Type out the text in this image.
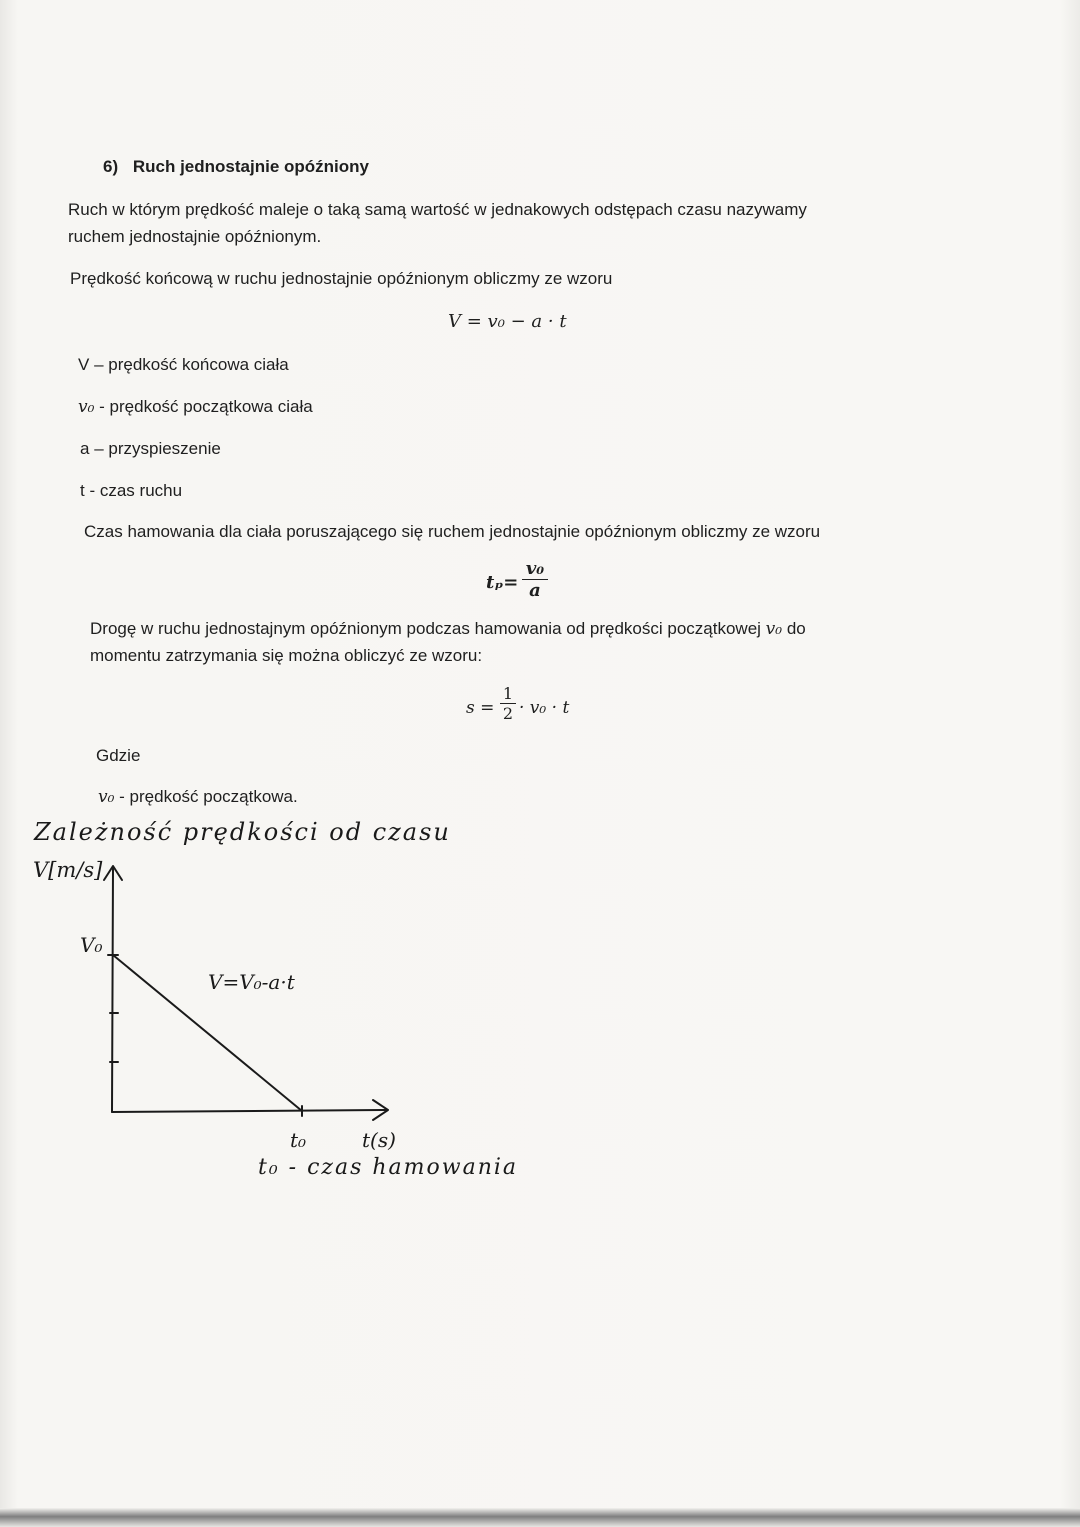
6) Ruch jednostajnie opóźniony
Ruch w którym prędkość maleje o taką samą wartość w jednakowych odstępach czasu nazywamy
ruchem jednostajnie opóźnionym.
Prędkość końcową w ruchu jednostajnie opóźnionym obliczmy ze wzoru
V = v₀ − a · t
V – prędkość końcowa ciała
v₀ - prędkość początkowa ciała
a – przyspieszenie
t - czas ruchu
Czas hamowania dla ciała poruszającego się ruchem jednostajnie opóźnionym obliczmy ze wzoru
$t_p= \frac{\text{v₀}}{a}$
Drogę w ruchu jednostajnym opóźnionym podczas hamowania od prędkości początkowej v₀ do
momentu zatrzymania się można obliczyć ze wzoru:
$s = \frac{1}{2} \cdot v_0 \cdot t$
Gdzie
v₀ - prędkość początkowa.
Zależność prędkości od czasu
V[m/s]
V₀
V=V₀-a·t
t₀	t(s)
t₀ - czas hamowania
